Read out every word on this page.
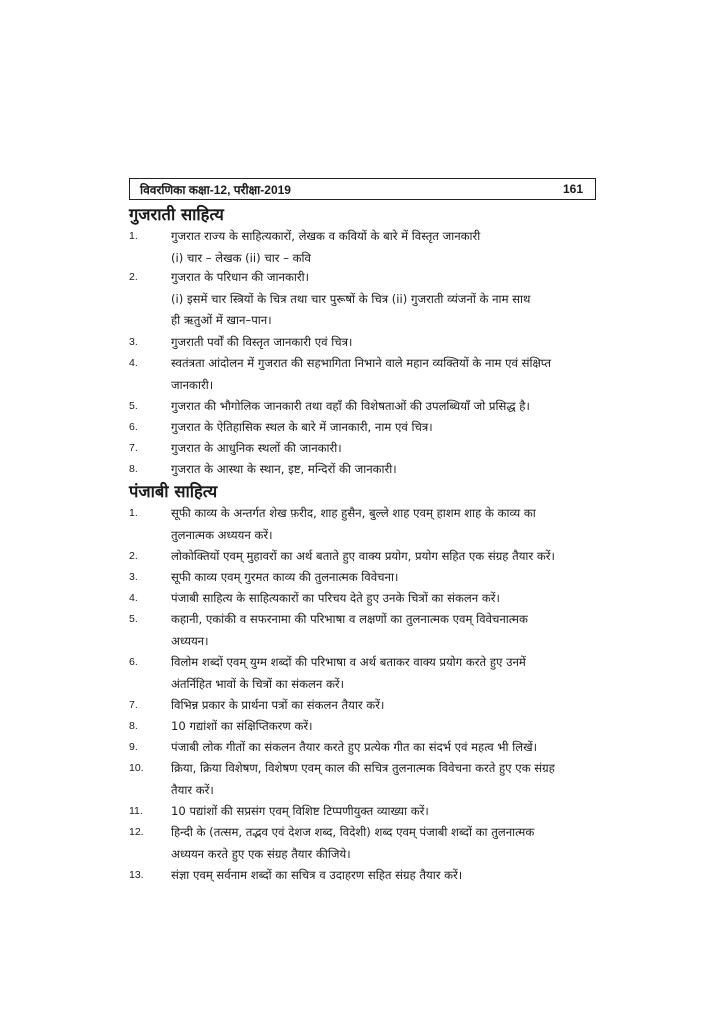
विवरणिका कक्षा-12, परीक्षा-2019	161
गुजराती साहित्य
1.	गुजरात राज्य के साहित्यकारों, लेखक व कवियों के बारे में विस्तृत जानकारी
(i) चार – लेखक (ii) चार – कवि
2.	गुजरात के परिधान की जानकारी।
(i) इसमें चार स्त्रियों के चित्र तथा चार पुरूषों के चित्र (ii) गुजराती व्यंजनों के नाम साथ
ही ऋतुओं में खान–पान।
3.	गुजराती पर्वों की विस्तृत जानकारी एवं चित्र।
4.	स्वतंत्रता आंदोलन में गुजरात की सहभागिता निभाने वाले महान व्यक्तियों के नाम एवं संक्षिप्त
जानकारी।
5.	गुजरात की भौगोलिक जानकारी तथा वहाँ की विशेषताओं की उपलब्धियाँ जो प्रसिद्ध है।
6.	गुजरात के ऐतिहासिक स्थल के बारे में जानकारी, नाम एवं चित्र।
7.	गुजरात के आधुनिक स्थलों की जानकारी।
8.	गुजरात के आस्था के स्थान, इष्ट, मन्दिरों की जानकारी।
पंजाबी साहित्य
1.	सूफी काव्य के अन्तर्गत शेख फ़रीद, शाह हुसैन, बुल्ले शाह एवम् हाशम शाह के काव्य का
तुलनात्मक अध्ययन करें।
2.	लोकोक्तियों एवम् मुहावरों का अर्थ बताते हुए वाक्य प्रयोग, प्रयोग सहित एक संग्रह तैयार करें।
3.	सूफी काव्य एवम् गुरमत काव्य की तुलनात्मक विवेचना।
4.	पंजाबी साहित्य के साहित्यकारों का परिचय देते हुए उनके चित्रों का संकलन करें।
5.	कहानी, एकांकी व सफरनामा की परिभाषा व लक्षणों का तुलनात्मक एवम् विवेचनात्मक
अध्ययन।
6.	विलोम शब्दों एवम् युग्म शब्दों की परिभाषा व अर्थ बताकर वाक्य प्रयोग करते हुए उनमें
अंतर्निहित भावों के चित्रों का संकलन करें।
7.	विभिन्न प्रकार के प्रार्थना पत्रों का संकलन तैयार करें।
8.	10 गद्यांशों का संक्षिप्तिकरण करें।
9.	पंजाबी लोक गीतों का संकलन तैयार करते हुए प्रत्येक गीत का संदर्भ एवं महत्व भी लिखें।
10. क्रिया, क्रिया विशेषण, विशेषण एवम् काल की सचित्र तुलनात्मक विवेचना करते हुए एक संग्रह
तैयार करें।
11. 10 पद्यांशों की सप्रसंग एवम् विशिष्ट टिप्पणीयुक्त व्याख्या करें।
12. हिन्दी के (तत्सम, तद्भव एवं देशज शब्द, विदेशी) शब्द एवम् पंजाबी शब्दों का तुलनात्मक
अध्ययन करते हुए एक संग्रह तैयार कीजिये।
13. संज्ञा एवम् सर्वनाम शब्दों का सचित्र व उदाहरण सहित संग्रह तैयार करें।
